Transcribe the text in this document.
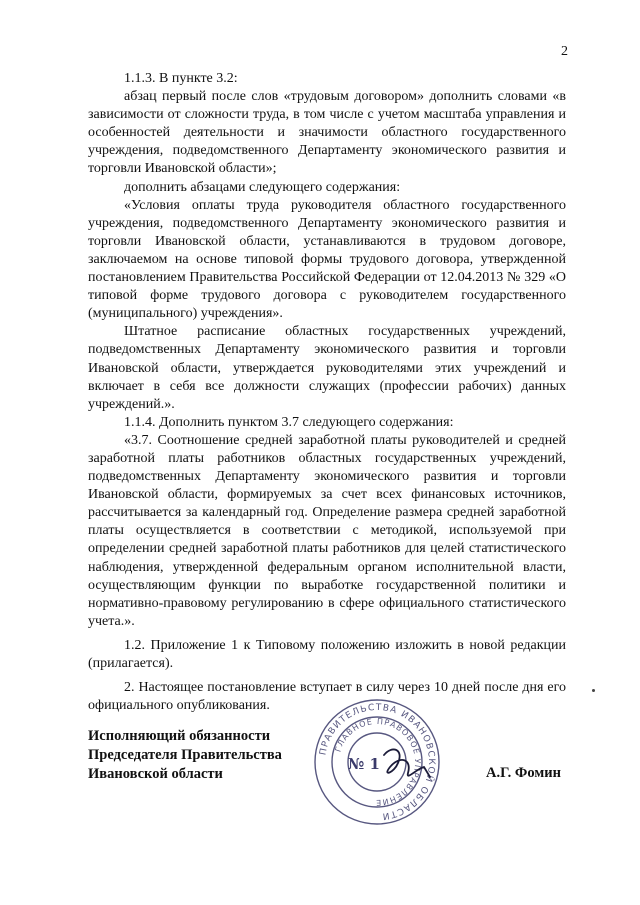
2

1.1.3. В пункте 3.2:

абзац первый после слов «трудовым договором» дополнить словами «в зависимости от сложности труда, в том числе с учетом масштаба управления и особенностей деятельности и значимости областного государственного учреждения, подведомственного Департаменту экономического развития и торговли Ивановской области»;

дополнить абзацами следующего содержания:

«Условия оплаты труда руководителя областного государственного учреждения, подведомственного Департаменту экономического развития и торговли Ивановской области, устанавливаются в трудовом договоре, заключаемом на основе типовой формы трудового договора, утвержденной постановлением Правительства Российской Федерации от 12.04.2013 № 329 «О типовой форме трудового договора с руководителем государственного (муниципального) учреждения».

Штатное расписание областных государственных учреждений, подведомственных Департаменту экономического развития и торговли Ивановской области, утверждается руководителями этих учреждений и включает в себя все должности служащих (профессии рабочих) данных учреждений.».

1.1.4. Дополнить пунктом 3.7 следующего содержания:

«3.7. Соотношение средней заработной платы руководителей и средней заработной платы работников областных государственных учреждений, подведомственных Департаменту экономического развития и торговли Ивановской области, формируемых за счет всех финансовых источников, рассчитывается за календарный год. Определение размера средней заработной платы осуществляется в соответствии с методикой, используемой при определении средней заработной платы работников для целей статистического наблюдения, утвержденной федеральным органом исполнительной власти, осуществляющим функции по выработке государственной политики и нормативно-правовому регулированию в сфере официального статистического учета.».

1.2. Приложение 1 к Типовому положению изложить в новой редакции (прилагается).

2. Настоящее постановление вступает в силу через 10 дней после дня его официального опубликования.

Исполняющий обязанности
Председателя Правительства
Ивановской области
ПРАВИТЕЛЬСТВА ИВАНОВСКОЙ ОБЛАСТИ
ГЛАВНОЕ ПРАВОВОЕ УПРАВЛЕНИЕ
№ 1	А.Г. Фомин
